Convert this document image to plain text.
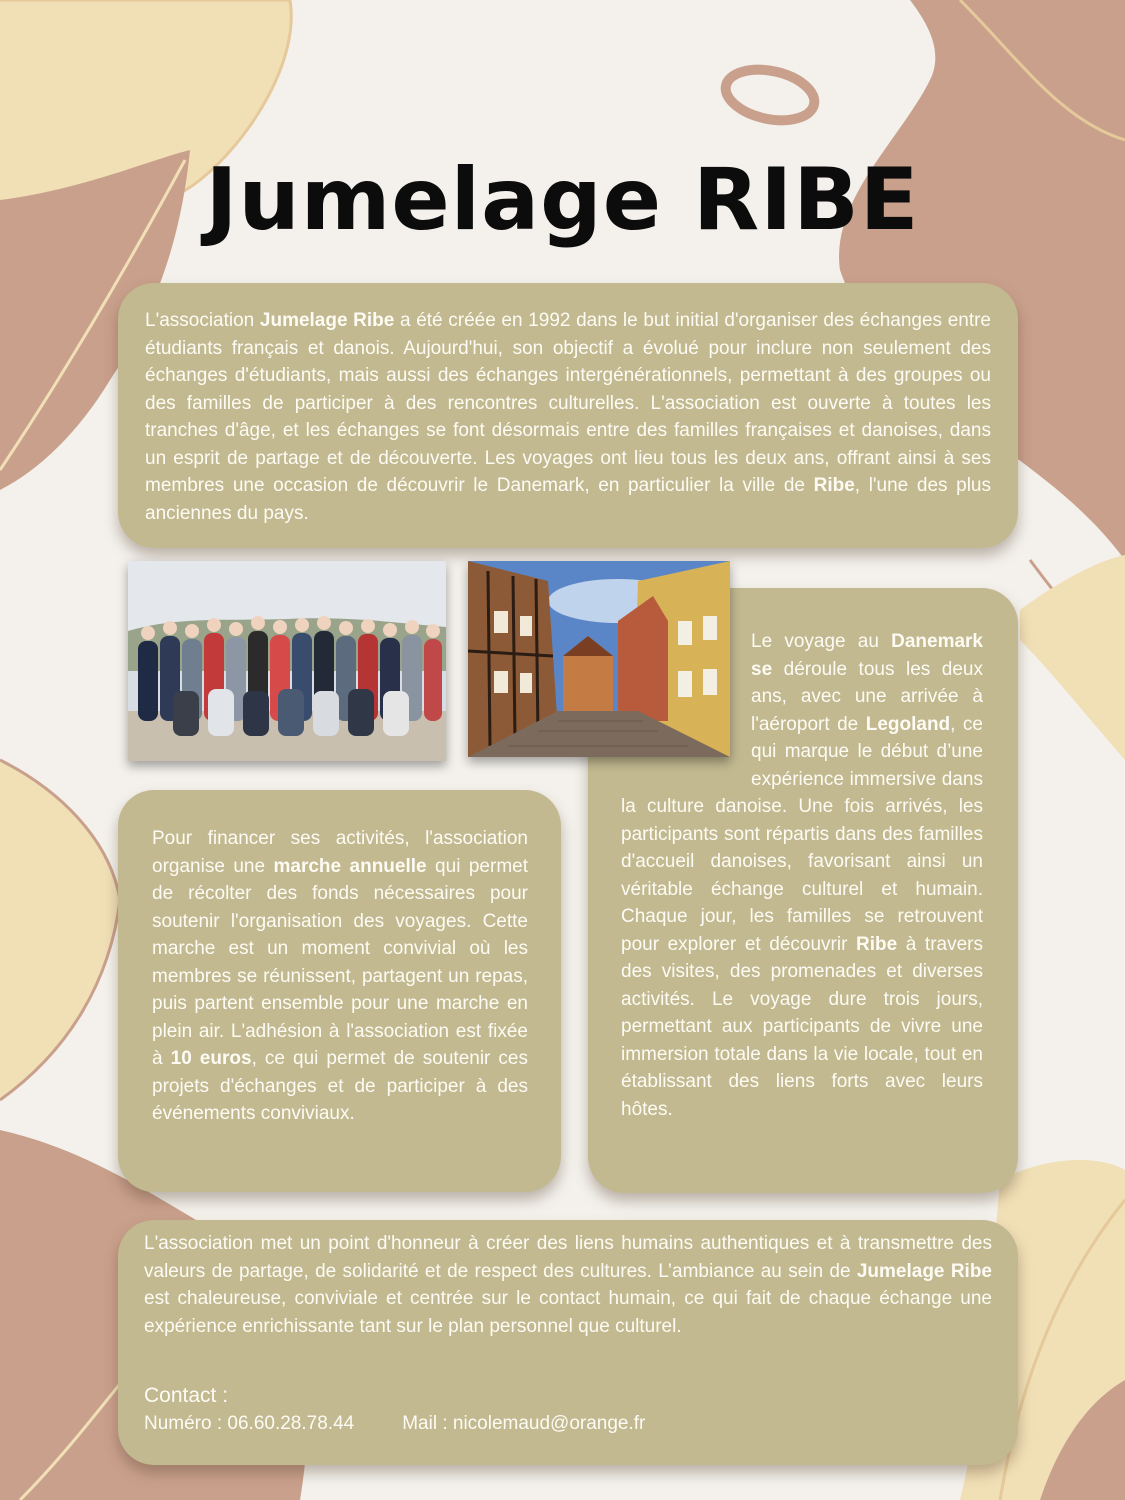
Jumelage RIBE

L'association Jumelage Ribe a été créée en 1992 dans le but initial d'organiser des échanges entre étudiants français et danois. Aujourd'hui, son objectif a évolué pour inclure non seulement des échanges d'étudiants, mais aussi des échanges intergénérationnels, permettant à des groupes ou des familles de participer à des rencontres culturelles. L'association est ouverte à toutes les tranches d'âge, et les échanges se font désormais entre des familles françaises et danoises, dans un esprit de partage et de découverte. Les voyages ont lieu tous les deux ans, offrant ainsi à ses membres une occasion de découvrir le Danemark, en particulier la ville de Ribe, l'une des plus anciennes du pays.

Le voyage au Danemark se déroule tous les deux ans, avec une arrivée à l'aéroport de Legoland, ce qui marque le début d’une expérience immersive dans la culture danoise. Une fois arrivés, les participants sont répartis dans des familles d'accueil danoises, favorisant ainsi un véritable échange culturel et humain. Chaque jour, les familles se retrouvent pour explorer et découvrir Ribe à travers des visites, des promenades et diverses activités. Le voyage dure trois jours, permettant aux participants de vivre une immersion totale dans la vie locale, tout en établissant des liens forts avec leurs hôtes.

Pour financer ses activités, l'association organise une marche annuelle qui permet de récolter des fonds nécessaires pour soutenir l'organisation des voyages. Cette marche est un moment convivial où les membres se réunissent, partagent un repas, puis partent ensemble pour une marche en plein air. L'adhésion à l'association est fixée à 10 euros, ce qui permet de soutenir ces projets d'échanges et de participer à des événements conviviaux.

L'association met un point d'honneur à créer des liens humains authentiques et à transmettre des valeurs de partage, de solidarité et de respect des cultures. L’ambiance au sein de Jumelage Ribe est chaleureuse, conviviale et centrée sur le contact humain, ce qui fait de chaque échange une expérience enrichissante tant sur le plan personnel que culturel.

Contact :

Numéro : 06.60.28.78.44	Mail : nicolemaud@orange.fr
